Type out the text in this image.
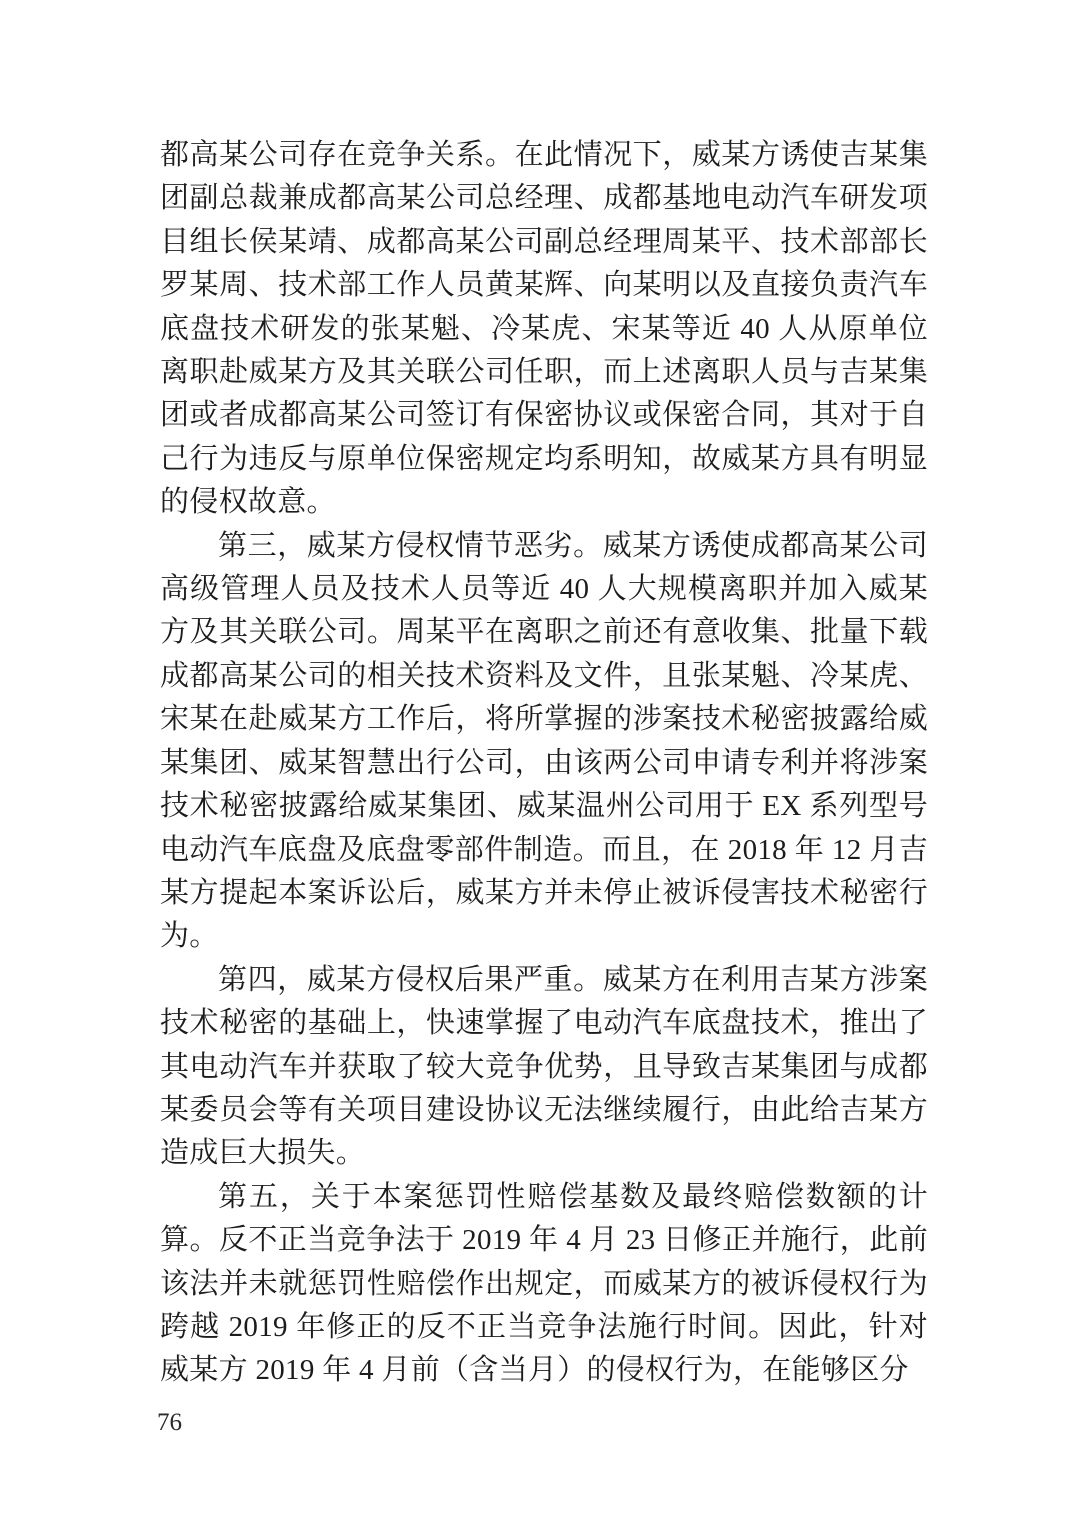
都高某公司存在竞争关系。在此情况下，威某方诱使吉某集团副总裁兼成都高某公司总经理、成都基地电动汽车研发项目组长侯某靖、成都高某公司副总经理周某平、技术部部长罗某周、技术部工作人员黄某辉、向某明以及直接负责汽车底盘技术研发的张某魁、冷某虎、宋某等近 40 人从原单位离职赴威某方及其关联公司任职，而上述离职人员与吉某集团或者成都高某公司签订有保密协议或保密合同，其对于自己行为违反与原单位保密规定均系明知，故威某方具有明显的侵权故意。

第三，威某方侵权情节恶劣。威某方诱使成都高某公司高级管理人员及技术人员等近 40 人大规模离职并加入威某方及其关联公司。周某平在离职之前还有意收集、批量下载成都高某公司的相关技术资料及文件，且张某魁、冷某虎、宋某在赴威某方工作后，将所掌握的涉案技术秘密披露给威某集团、威某智慧出行公司，由该两公司申请专利并将涉案技术秘密披露给威某集团、威某温州公司用于 EX 系列型号电动汽车底盘及底盘零部件制造。而且，在 2018 年 12 月吉某方提起本案诉讼后，威某方并未停止被诉侵害技术秘密行为。

第四，威某方侵权后果严重。威某方在利用吉某方涉案技术秘密的基础上，快速掌握了电动汽车底盘技术，推出了其电动汽车并获取了较大竞争优势，且导致吉某集团与成都某委员会等有关项目建设协议无法继续履行，由此给吉某方造成巨大损失。

第五，关于本案惩罚性赔偿基数及最终赔偿数额的计算。反不正当竞争法于 2019 年 4 月 23 日修正并施行，此前该法并未就惩罚性赔偿作出规定，而威某方的被诉侵权行为跨越 2019 年修正的反不正当竞争法施行时间。因此，针对威某方 2019 年 4 月前（含当月）的侵权行为，在能够区分

76
